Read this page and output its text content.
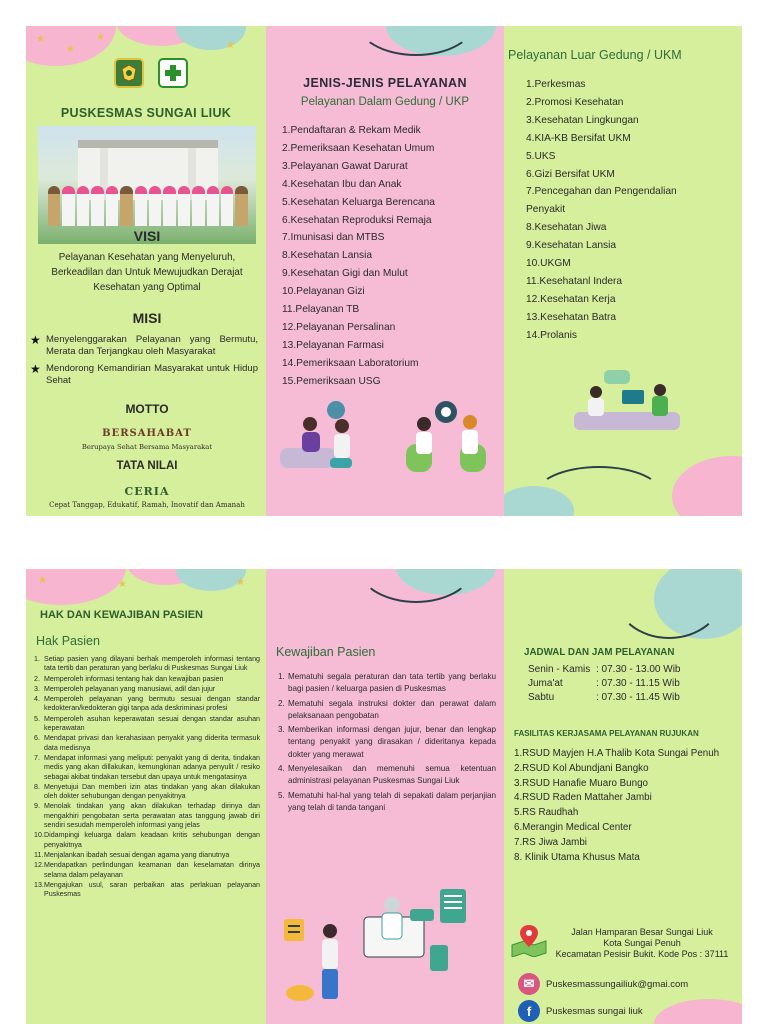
★
★
★
★
PUSKESMAS SUNGAI LIUK
VISI
Pelayanan Kesehatan yang Menyeluruh, Berkeadilan dan Untuk Mewujudkan Derajat Kesehatan yang Optimal
MISI
★ Menyelenggarakan Pelayanan yang Bermutu, Merata dan Terjangkau oleh Masyarakat
★ Mendorong Kemandirian Masyarakat untuk Hidup Sehat
MOTTO
BERSAHABAT
Berupaya Sehat Bersama Masyarakat
TATA NILAI
CERIA
Cepat Tanggap, Edukatif, Ramah, Inovatif dan Amanah
JENIS-JENIS PELAYANAN
Pelayanan Dalam Gedung / UKP
1.Pendaftaran & Rekam Medik
2.Pemeriksaan Kesehatan Umum
3.Pelayanan Gawat Darurat
4.Kesehatan Ibu dan Anak
5.Kesehatan Keluarga Berencana
6.Kesehatan Reproduksi Remaja
7.Imunisasi dan MTBS
8.Kesehatan Lansia
9.Kesehatan Gigi dan Mulut
10.Pelayanan Gizi
11.Pelayanan TB
12.Pelayanan Persalinan
13.Pelayanan Farmasi
14.Pemeriksaan Laboratorium
15.Pemeriksaan USG
Pelayanan Luar Gedung / UKM
1.Perkesmas
2.Promosi Kesehatan
3.Kesehatan Lingkungan
4.KIA-KB Bersifat UKM
5.UKS
6.Gizi Bersifat UKM
7.Pencegahan dan Pengendalian Penyakit
8.Kesehatan Jiwa
9.Kesehatan Lansia
10.UKGM
11.Kesehatanl Indera
12.Kesehatan Kerja
13.Kesehatan Batra
14.Prolanis
★	★	★
HAK DAN KEWAJIBAN PASIEN
Hak Pasien
1. Setiap pasien yang dilayani berhak memperoleh informasi tentang tata tertib dan peraturan yang berlaku di Puskesmas Sungai Liuk
2. Memperoleh informasi tentang hak dan kewajiban pasien
3. Memperoleh pelayanan yang manusiawi, adil dan jujur
4. Memperoleh pelayanan yang bermutu sesuai dengan standar kedokteran/kedokteran gigi tanpa ada deskriminasi profesi
5. Memperoleh asuhan keperawatan sesuai dengan standar asuhan keperawatan
6. Mendapat privasi dan kerahasiaan penyakit yang diderita termasuk data medisnya
7. Mendapat informasi yang meliputi: penyakit yang di derita, tindakan medis yang akan dillakukan, kemungkinan adanya penyulit / resiko sebagai akibat tindakan tersebut dan upaya untuk mengatasinya
8. Menyetujui Dan memberi izin atas tindakan yang akan dilakukan oleh dokter sehubungan dengan penyakitnya
9. Menolak tindakan yang akan dilakukan terhadap dirinya dan mengakhiri pengobatan serta perawatan atas tanggung jawab diri sendiri sesudah memperoleh informasi yang jelas
10. Didampingi keluarga dalam keadaan kritis sehubungan dengan penyakitnya
11. Menjalankan ibadah sesuai dengan agama yang dianutnya
12. Mendapatkan perlindungan keamanan dan keselamatan dirinya selama dalam pelayanan
13. Mengajukan usul, saran perbaikan atas perlakuan pelayanan Puskesmas
Kewajiban Pasien
1. Mematuhi segala peraturan dan tata tertib yang berlaku bagi pasien / keluarga pasien di Puskesmas
2. Mematuhi segala instruksi dokter dan perawat dalam pelaksanaan pengobatan
3. Memberikan informasi dengan jujur, benar dan lengkap tentang penyakit yang dirasakan / dideritanya kepada dokter yang merawat
4. Menyelesaikan dan memenuhi semua ketentuan administrasi pelayanan Puskesmas Sungai Liuk
5. Mematuhi hal-hal yang telah di sepakati dalam perjanjian yang telah di tanda tangani
JADWAL DAN JAM PELAYANAN
Senin - Kamis : 07.30 - 13.00 Wib
Juma'at	: 07.30 - 11.15 Wib
Sabtu	: 07.30 - 11.45 Wib
FASILITAS KERJASAMA PELAYANAN RUJUKAN
1.RSUD Mayjen H.A Thalib Kota Sungai Penuh
2.RSUD Kol Abundjani Bangko
3.RSUD Hanafie Muaro Bungo
4.RSUD Raden Mattaher Jambi
5.RS Raudhah
6.Merangin Medical Center
7.RS Jiwa Jambi
8. Klinik Utama Khusus Mata
Jalan Hamparan Besar Sungai Liuk
Kota Sungai Penuh
Kecamatan Pesisir Bukit. Kode Pos : 37111
✉	Puskesmassungailiuk@gmai.com
f	Puskesmas sungai liuk
